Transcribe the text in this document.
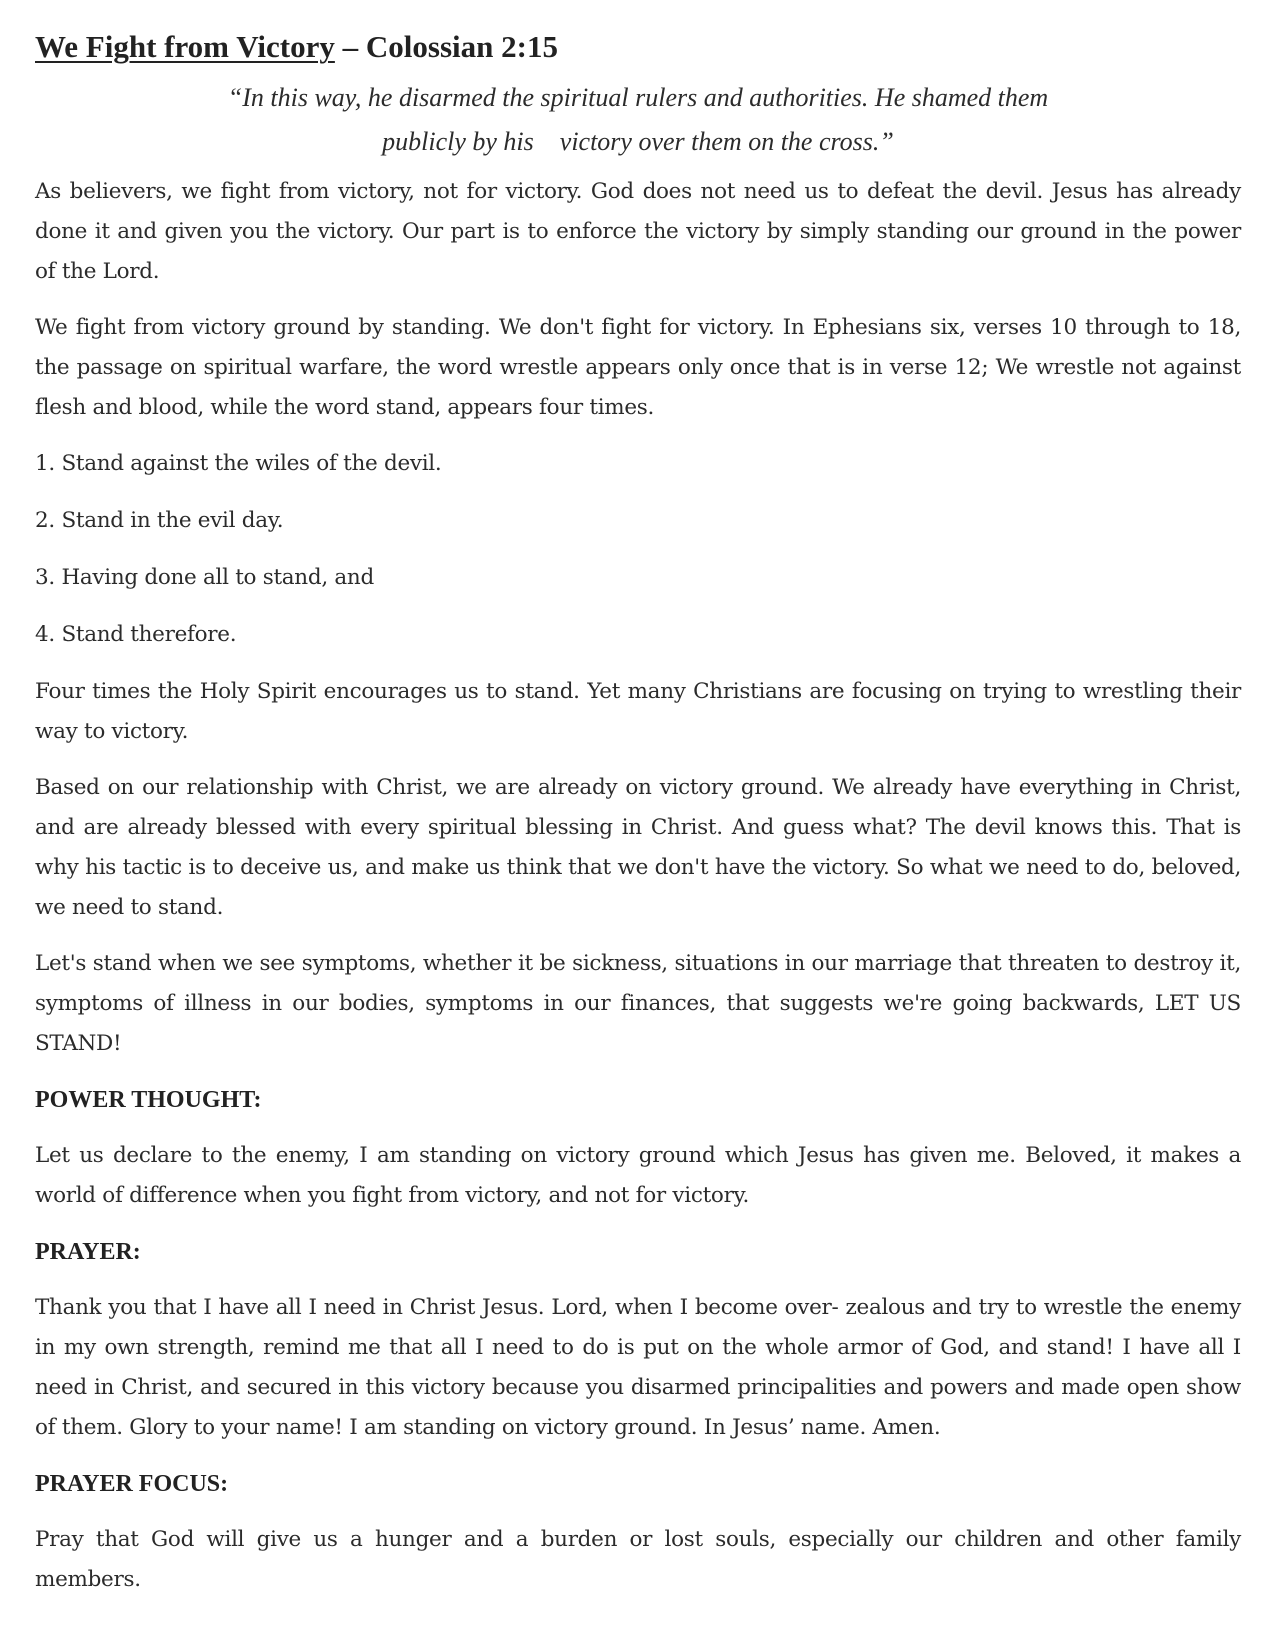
We Fight from Victory – Colossian 2:15
“In this way, he disarmed the spiritual rulers and authorities. He shamed them
publicly by his    victory over them on the cross.”

As believers, we fight from victory, not for victory. God does not need us to defeat the devil. Jesus has already done it and given you the victory. Our part is to enforce the victory by simply standing our ground in the power of the Lord.

We fight from victory ground by standing. We don't fight for victory. In Ephesians six, verses 10 through to 18, the passage on spiritual warfare, the word wrestle appears only once that is in verse 12; We wrestle not against flesh and blood, while the word stand, appears four times.

1. Stand against the wiles of the devil.

2. Stand in the evil day.

3. Having done all to stand, and

4. Stand therefore.

Four times the Holy Spirit encourages us to stand. Yet many Christians are focusing on trying to wrestling their way to victory.

Based on our relationship with Christ, we are already on victory ground. We already have everything in Christ, and are already blessed with every spiritual blessing in Christ. And guess what? The devil knows this. That is why his tactic is to deceive us, and make us think that we don't have the victory. So what we need to do, beloved, we need to stand.

Let's stand when we see symptoms, whether it be sickness, situations in our marriage that threaten to destroy it, symptoms of illness in our bodies, symptoms in our finances, that suggests we're going backwards, LET US STAND!

POWER THOUGHT:

Let us declare to the enemy, I am standing on victory ground which Jesus has given me. Beloved, it makes a world of difference when you fight from victory, and not for victory.

PRAYER:

Thank you that I have all I need in Christ Jesus. Lord, when I become over- zealous and try to wrestle the enemy in my own strength, remind me that all I need to do is put on the whole armor of God, and stand! I have all I need in Christ, and secured in this victory because you disarmed principalities and powers and made open show of them. Glory to your name! I am standing on victory ground. In Jesus’ name. Amen.

PRAYER FOCUS:

Pray that God will give us a hunger and a burden or lost souls, especially our children and other family members.
